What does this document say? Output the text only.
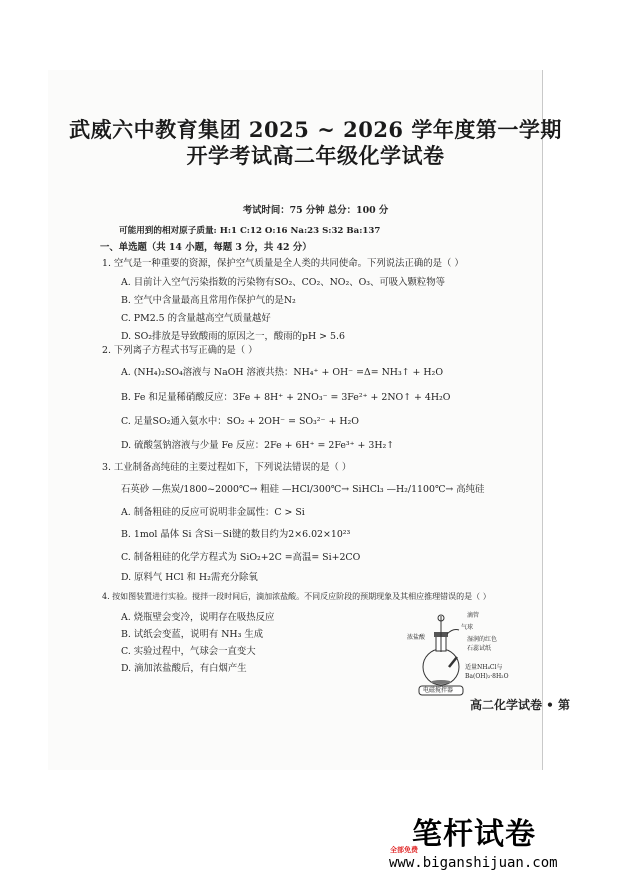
武威六中教育集团 2025 ~ 2026 学年度第一学期
开学考试高二年级化学试卷
考试时间：75 分钟 总分：100 分
可能用到的相对原子质量: H:1 C:12 O:16 Na:23 S:32 Ba:137
一、单选题（共 14 小题，每题 3 分，共 42 分）
1. 空气是一种重要的资源，保护空气质量是全人类的共同使命。下列说法正确的是（ ）
A. 目前计入空气污染指数的污染物有SO₂、CO₂、NO₂、O₃、可吸入颗粒物等
B. 空气中含量最高且常用作保护气的是N₂
C. PM2.5 的含量越高空气质量越好
D. SO₂排放是导致酸雨的原因之一，酸雨的pH > 5.6
2. 下列离子方程式书写正确的是（ ）
A. (NH₄)₂SO₄溶液与 NaOH 溶液共热：NH₄⁺ + OH⁻ =Δ= NH₃↑ + H₂O
B. Fe 和足量稀硝酸反应：3Fe + 8H⁺ + 2NO₃⁻ = 3Fe²⁺ + 2NO↑ + 4H₂O
C. 足量SO₂通入氨水中：SO₂ + 2OH⁻ = SO₃²⁻ + H₂O
D. 硫酸氢钠溶液与少量 Fe 反应：2Fe + 6H⁺ = 2Fe³⁺ + 3H₂↑
3. 工业制备高纯硅的主要过程如下，下列说法错误的是（ ）
石英砂 —焦炭/1800~2000℃→ 粗硅 —HCl/300℃→ SiHCl₃ —H₂/1100℃→ 高纯硅
A. 制备粗硅的反应可说明非金属性：C > Si
B. 1mol 晶体 Si 含Si－Si键的数目约为2×6.02×10²³
C. 制备粗硅的化学方程式为 SiO₂+2C =高温= Si+2CO
D. 原料气 HCl 和 H₂需充分除氧
4. 按如图装置进行实验。搅拌一段时间后，滴加浓盐酸。不同反应阶段的预期现象及其相应推理错误的是（ ）
A. 烧瓶壁会变冷，说明存在吸热反应
B. 试纸会变蓝，说明有 NH₃ 生成
C. 实验过程中，气球会一直变大
D. 滴加浓盐酸后，有白烟产生
滴管
气球
浓盐酸	湿润的红色
石蕊试纸
适量NH₄Cl与
Ba(OH)₂·8H₂O
电磁搅拌器
高二化学试卷 • 第
笔杆试卷
全部免费
www.biganshijuan.com
